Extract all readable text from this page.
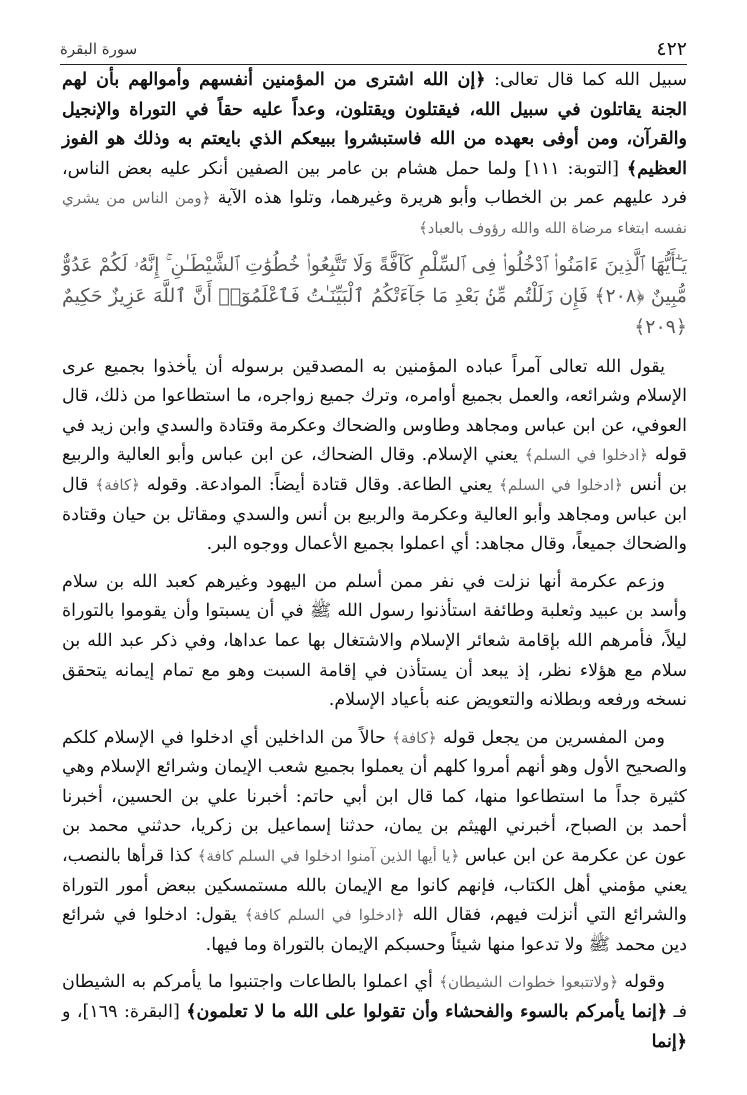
٤٢٢
سورة البقرة

سبيل الله كما قال تعالى: ﴿إن الله اشترى من المؤمنين أنفسهم وأموالهم بأن لهم الجنة يقاتلون في سبيل الله، فيقتلون ويقتلون، وعداً عليه حقاً في التوراة والإنجيل والقرآن، ومن أوفى بعهده من الله فاستبشروا ببيعكم الذي بايعتم به وذلك هو الفوز العظيم﴾ [التوبة: ١١١] ولما حمل هشام بن عامر بين الصفين أنكر عليه بعض الناس، فرد عليهم عمر بن الخطاب وأبو هريرة وغيرهما، وتلوا هذه الآية ﴿ومن الناس من يشري نفسه ابتغاء مرضاة الله والله رؤوف بالعباد﴾

يَـٰٓأَيُّهَا ٱلَّذِينَ ءَامَنُوا۟ ٱدْخُلُوا۟ فِى ٱلسِّلْمِ كَآفَّةً وَلَا تَتَّبِعُوا۟ خُطُوَٰتِ ٱلشَّيْطَـٰنِ ۚ إِنَّهُۥ لَكُمْ عَدُوٌّ مُّبِينٌ ﴿٢٠٨﴾ فَإِن زَلَلْتُم مِّنۢ بَعْدِ مَا جَآءَتْكُمُ ٱلْبَيِّنَـٰتُ فَٱعْلَمُوٓا۟ أَنَّ ٱللَّهَ عَزِيزٌ حَكِيمٌ ﴿٢٠٩﴾

يقول الله تعالى آمراً عباده المؤمنين به المصدقين برسوله أن يأخذوا بجميع عرى الإسلام وشرائعه، والعمل بجميع أوامره، وترك جميع زواجره، ما استطاعوا من ذلك، قال العوفي، عن ابن عباس ومجاهد وطاوس والضحاك وعكرمة وقتادة والسدي وابن زيد في قوله ﴿ادخلوا في السلم﴾ يعني الإسلام. وقال الضحاك، عن ابن عباس وأبو العالية والربيع بن أنس ﴿ادخلوا في السلم﴾ يعني الطاعة. وقال قتادة أيضاً: الموادعة. وقوله ﴿كافة﴾ قال ابن عباس ومجاهد وأبو العالية وعكرمة والربيع بن أنس والسدي ومقاتل بن حيان وقتادة والضحاك جميعاً، وقال مجاهد: أي اعملوا بجميع الأعمال ووجوه البر.

وزعم عكرمة أنها نزلت في نفر ممن أسلم من اليهود وغيرهم كعبد الله بن سلام وأسد بن عبيد وثعلبة وطائفة استأذنوا رسول الله ﷺ في أن يسبتوا وأن يقوموا بالتوراة ليلاً، فأمرهم الله بإقامة شعائر الإسلام والاشتغال بها عما عداها، وفي ذكر عبد الله بن سلام مع هؤلاء نظر، إذ يبعد أن يستأذن في إقامة السبت وهو مع تمام إيمانه يتحقق نسخه ورفعه وبطلانه والتعويض عنه بأعياد الإسلام.

ومن المفسرين من يجعل قوله ﴿كافة﴾ حالاً من الداخلين أي ادخلوا في الإسلام كلكم والصحيح الأول وهو أنهم أمروا كلهم أن يعملوا بجميع شعب الإيمان وشرائع الإسلام وهي كثيرة جداً ما استطاعوا منها، كما قال ابن أبي حاتم: أخبرنا علي بن الحسين، أخبرنا أحمد بن الصباح، أخبرني الهيثم بن يمان، حدثنا إسماعيل بن زكريا، حدثني محمد بن عون عن عكرمة عن ابن عباس ﴿يا أيها الذين آمنوا ادخلوا في السلم كافة﴾ كذا قرأها بالنصب، يعني مؤمني أهل الكتاب، فإنهم كانوا مع الإيمان بالله مستمسكين ببعض أمور التوراة والشرائع التي أنزلت فيهم، فقال الله ﴿ادخلوا في السلم كافة﴾ يقول: ادخلوا في شرائع دين محمد ﷺ ولا تدعوا منها شيئاً وحسبكم الإيمان بالتوراة وما فيها.

وقوله ﴿ولاتتبعوا خطوات الشيطان﴾ أي اعملوا بالطاعات واجتنبوا ما يأمركم به الشيطان فـ ﴿إنما يأمركم بالسوء والفحشاء وأن تقولوا على الله ما لا تعلمون﴾ [البقرة: ١٦٩]، و ﴿إنما
